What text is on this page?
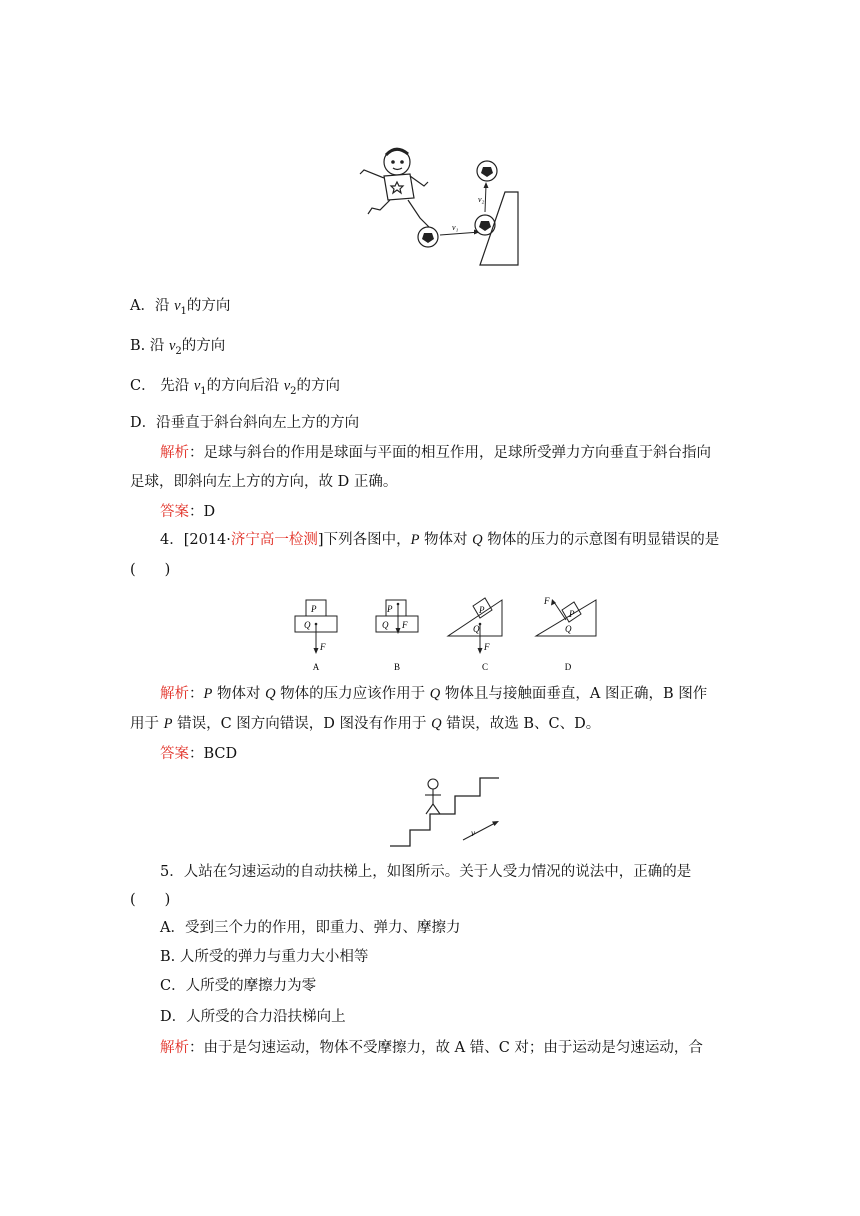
v₁
v₂
A．沿 $v_1$的方向
B. 沿 $v_2$的方向
C． 先沿 $v_1$的方向后沿 $v_2$的方向
D．沿垂直于斜台斜向左上方的方向
解析：足球与斜台的作用是球面与平面的相互作用，足球所受弹力方向垂直于斜台指向
足球，即斜向左上方的方向，故 D 正确。
答案：D
4．[2014·济宁高一检测]下列各图中，P 物体对 Q 物体的压力的示意图有明显错误的是
(　　)
P
Q
F
P
Q F
P
Q
F
P
Q
F
A	B	C	D
解析：P 物体对 Q 物体的压力应该作用于 Q 物体且与接触面垂直，A 图正确，B 图作
用于 P 错误，C 图方向错误，D 图没有作用于 Q 错误，故选 B、C、D。
答案：BCD
v
5．人站在匀速运动的自动扶梯上，如图所示。关于人受力情况的说法中，正确的是
(　　)
A．受到三个力的作用，即重力、弹力、摩擦力
B. 人所受的弹力与重力大小相等
C．人所受的摩擦力为零
D．人所受的合力沿扶梯向上
解析：由于是匀速运动，物体不受摩擦力，故 A 错、C 对；由于运动是匀速运动，合
